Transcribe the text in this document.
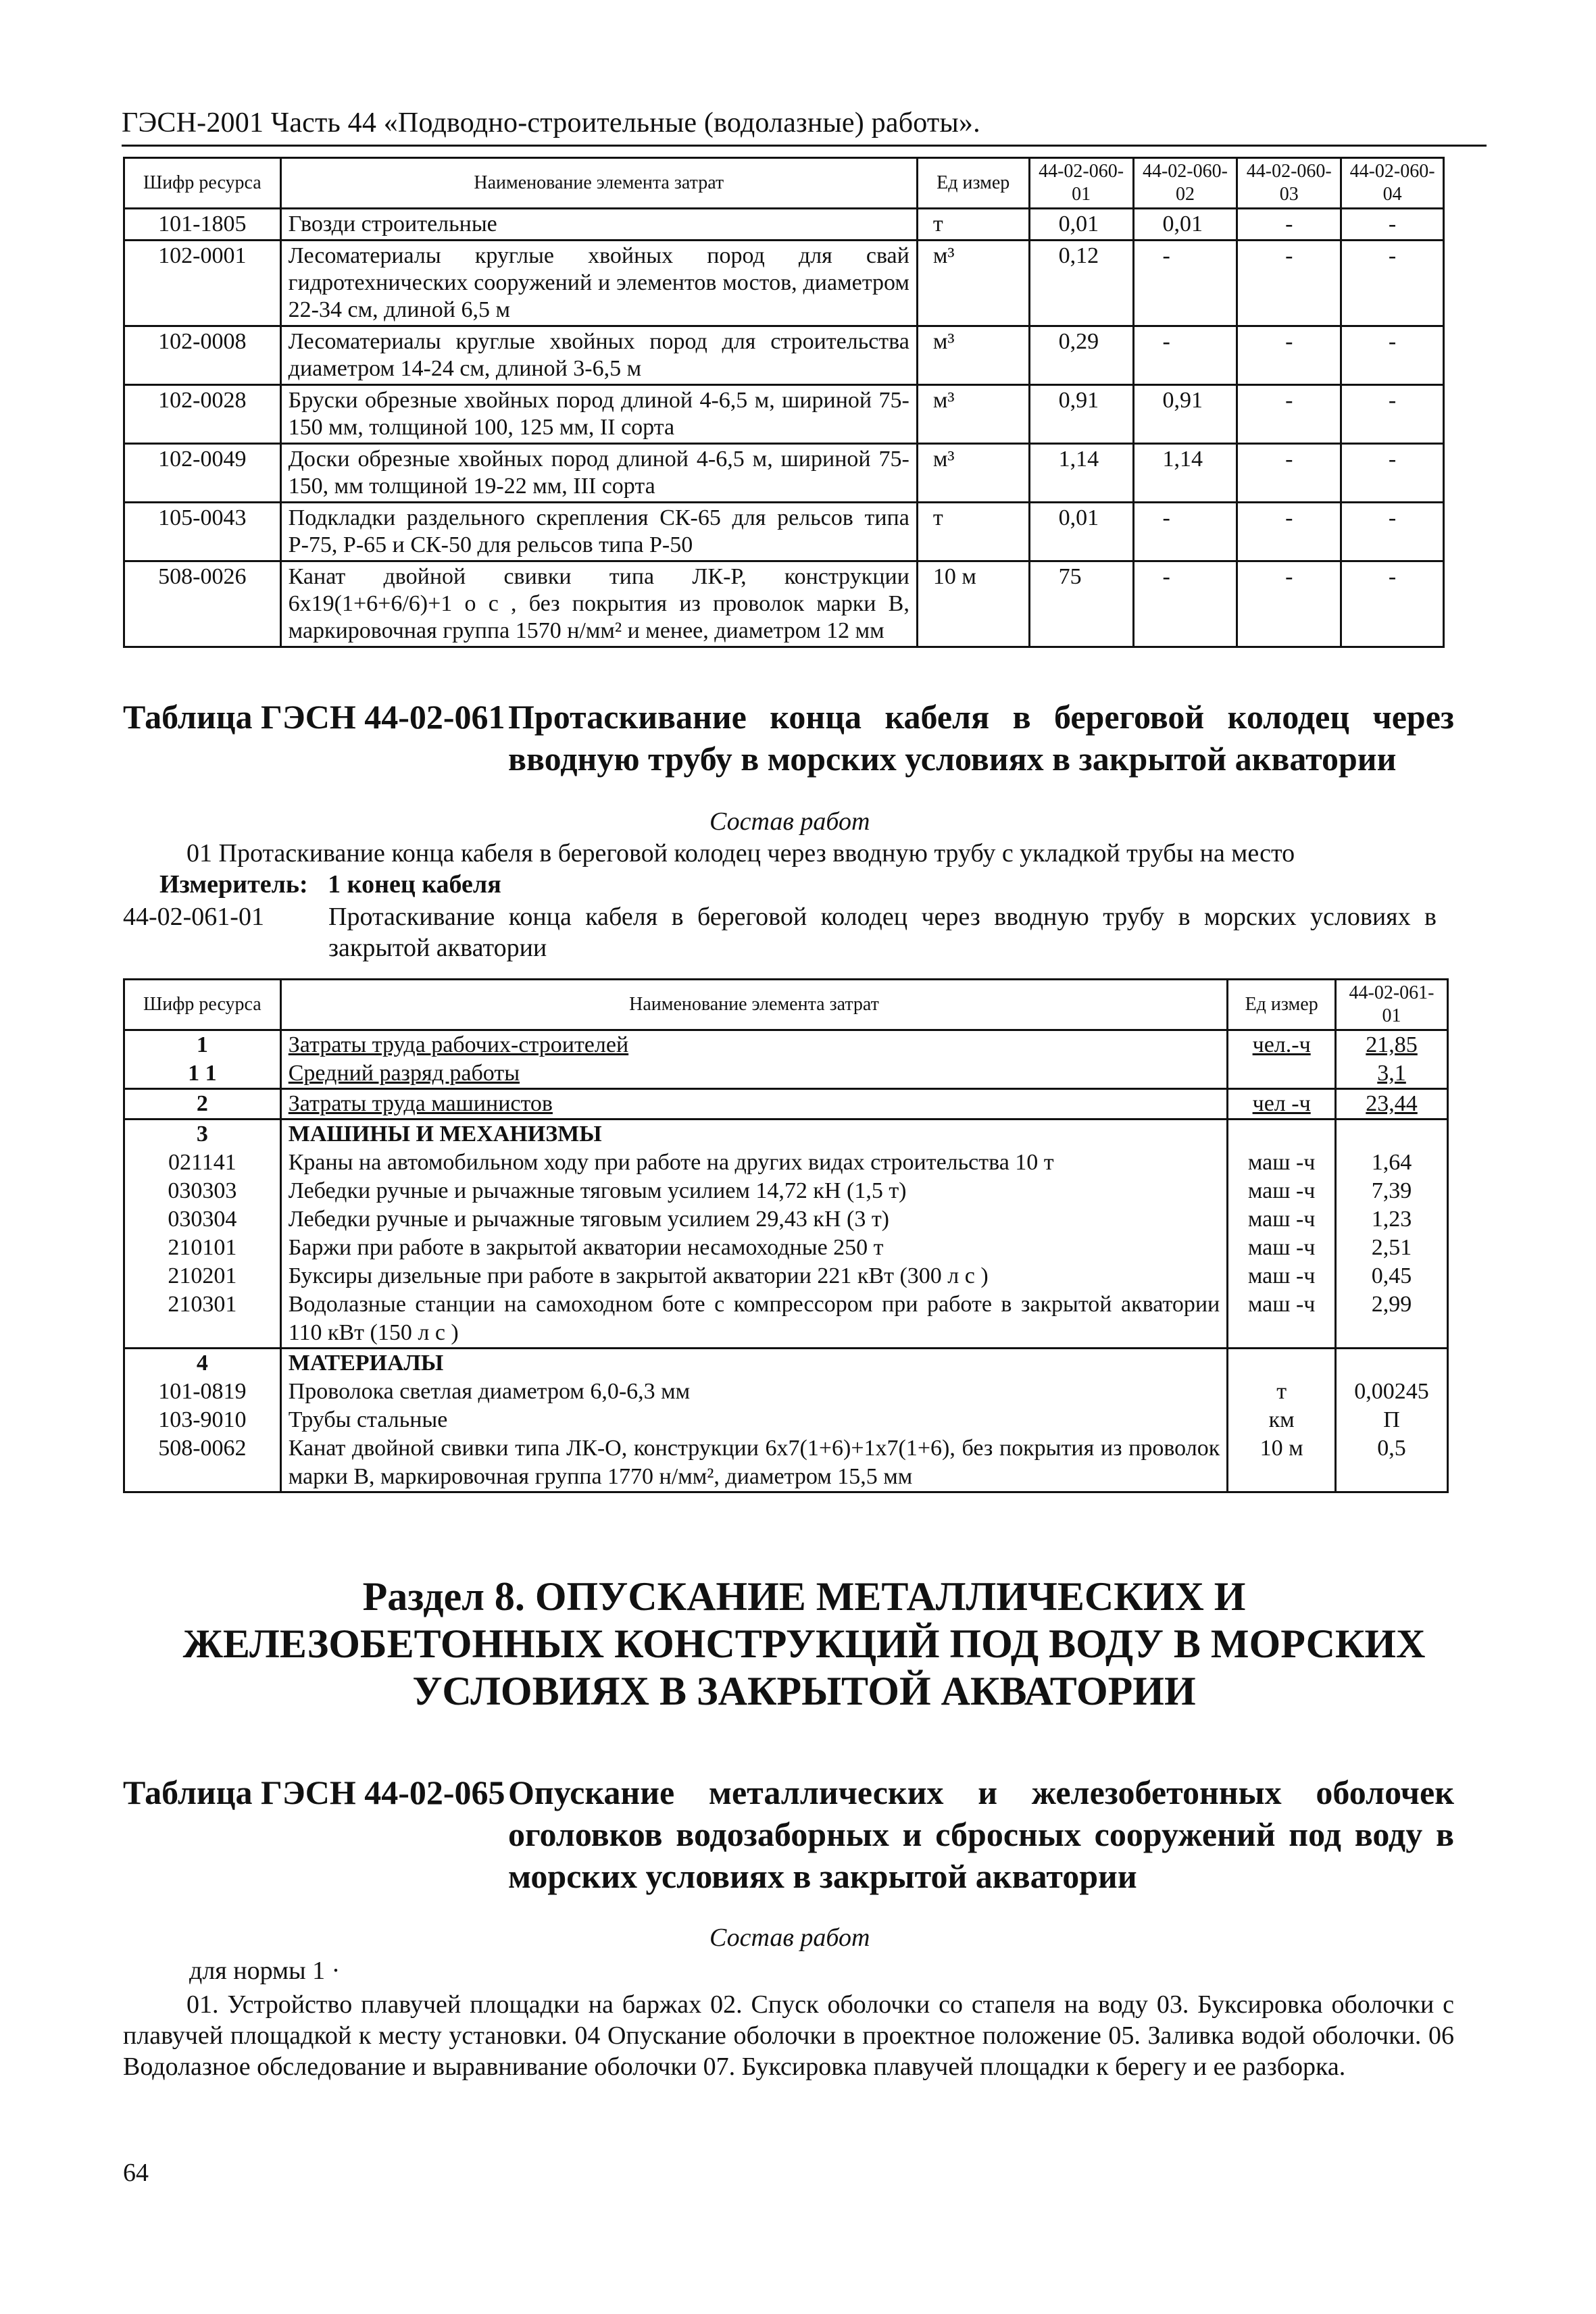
ГЭСН-2001 Часть 44 «Подводно-строительные (водолазные) работы».
Шифр ресурса	Наименование элемента затрат	Ед измер	44-02-060-01	44-02-060-02	44-02-060-03	44-02-060-04
101-1805	Гвозди строительные	т	0,01	0,01	-	-
102-0001	Лесоматериалы круглые хвойных пород для свай гидротехнических сооружений и элементов мостов, диаметром 22-34 см, длиной 6,5 м	м³	0,12	-	-	-
102-0008	Лесоматериалы круглые хвойных пород для строительства диаметром 14-24 см, длиной 3-6,5 м	м³	0,29	-	-	-
102-0028	Бруски обрезные хвойных пород длиной 4-6,5 м, шириной 75-150 мм, толщиной 100, 125 мм, II сорта	м³	0,91	0,91	-	-
102-0049	Доски обрезные хвойных пород длиной 4-6,5 м, шириной 75-150, мм толщиной 19-22 мм, III сорта	м³	1,14	1,14	-	-
105-0043	Подкладки раздельного скрепления СК-65 для рельсов типа Р-75, Р-65 и СК-50 для рельсов типа Р-50	т	0,01	-	-	-
508-0026	Канат двойной свивки типа ЛК-Р, конструкции 6х19(1+6+6/6)+1 о с , без покрытия из проволок марки В, маркировочная группа 1570 н/мм² и менее, диаметром 12 мм	10 м	75	-	-	-
Таблица ГЭСН 44-02-061 Протаскивание конца кабеля в береговой колодец через вводную трубу в морских условиях в закрытой акватории
Состав работ
01 Протаскивание конца кабеля в береговой колодец через вводную трубу с укладкой трубы на место
Измеритель: 1 конец кабеля
44-02-061-01	Протаскивание конца кабеля в береговой колодец через вводную трубу в морских условиях в закрытой акватории
Шифр ресурса	Наименование элемента затрат	Ед измер	44-02-061-01
1	Затраты труда рабочих-строителей	чел.-ч	21,85
1 1	Средний разряд работы		3,1
2	Затраты труда машинистов	чел -ч	23,44
3	МАШИНЫ И МЕХАНИЗМЫ		
021141	Краны на автомобильном ходу при работе на других видах строительства 10 т	маш -ч	1,64
030303	Лебедки ручные и рычажные тяговым усилием 14,72 кН (1,5 т)	маш -ч	7,39
030304	Лебедки ручные и рычажные тяговым усилием 29,43 кН (3 т)	маш -ч	1,23
210101	Баржи при работе в закрытой акватории несамоходные 250 т	маш -ч	2,51
210201	Буксиры дизельные при работе в закрытой акватории 221 кВт (300 л с )	маш -ч	0,45
210301	Водолазные станции на самоходном боте с компрессором при работе в закрытой акватории 110 кВт (150 л с )	маш -ч	2,99
4	МАТЕРИАЛЫ		
101-0819	Проволока светлая диаметром 6,0-6,3 мм	т	0,00245
103-9010	Трубы стальные	км	П
508-0062	Канат двойной свивки типа ЛК-О, конструкции 6х7(1+6)+1х7(1+6), без покрытия из проволок марки В, маркировочная группа 1770 н/мм², диаметром 15,5 мм	10 м	0,5
Раздел 8. ОПУСКАНИЕ МЕТАЛЛИЧЕСКИХ И ЖЕЛЕЗОБЕТОННЫХ КОНСТРУКЦИЙ ПОД ВОДУ В МОРСКИХ УСЛОВИЯХ В ЗАКРЫТОЙ АКВАТОРИИ
Таблица ГЭСН 44-02-065 Опускание металлических и железобетонных оболочек оголовков водозаборных и сбросных сооружений под воду в морских условиях в закрытой акватории
Состав работ
для нормы 1 ·
01. Устройство плавучей площадки на баржах 02. Спуск оболочки со стапеля на воду 03. Буксировка оболочки с плавучей площадкой к месту установки. 04 Опускание оболочки в проектное положение 05. Заливка водой оболочки. 06 Водолазное обследование и выравнивание оболочки 07. Буксировка плавучей площадки к берегу и ее разборка.
64
